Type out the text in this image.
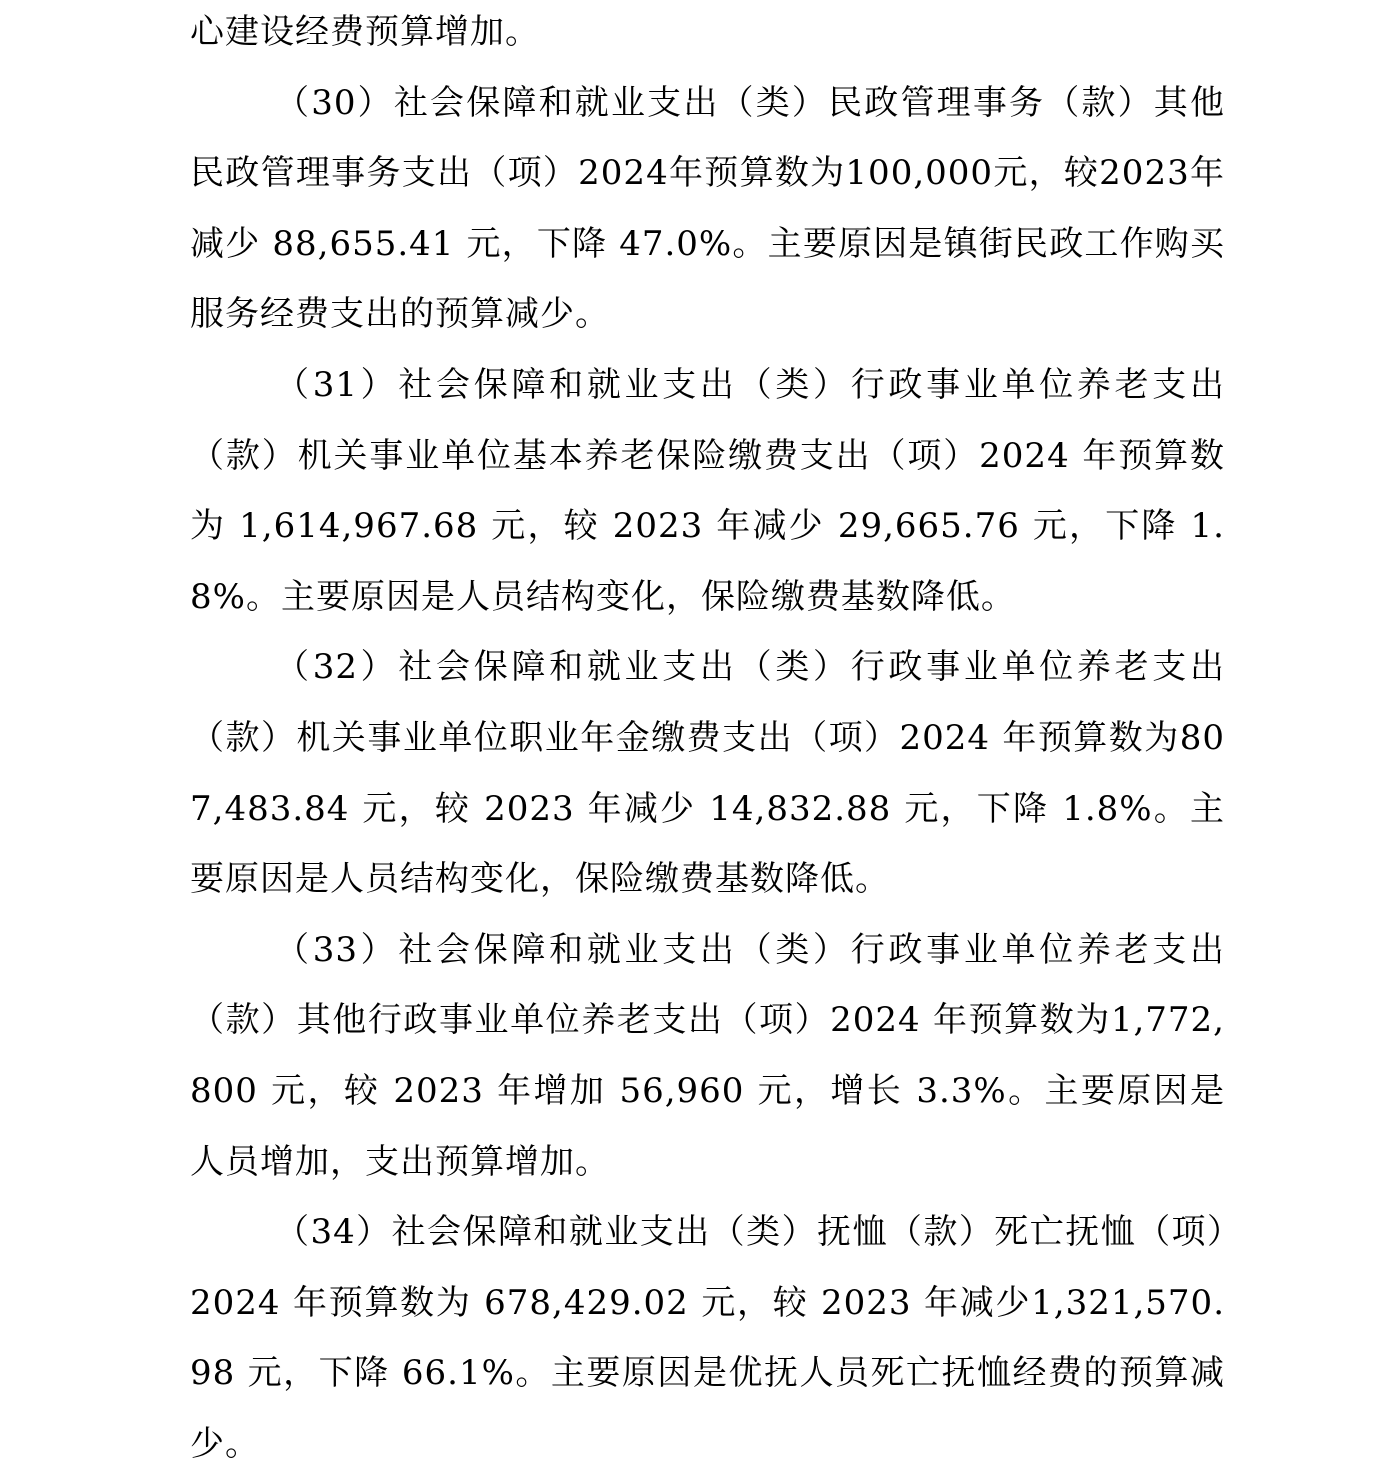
心建设经费预算增加。

（30）社会保障和就业支出（类）民政管理事务（款）其他民政管理事务支出（项）2024年预算数为100,000元，较2023年减少 88,655.41 元，下降 47.0%。主要原因是镇街民政工作购买服务经费支出的预算减少。

（31）社会保障和就业支出（类）行政事业单位养老支出（款）机关事业单位基本养老保险缴费支出（项）2024 年预算数为 1,614,967.68 元，较 2023 年减少 29,665.76 元，下降 1.8%。主要原因是人员结构变化，保险缴费基数降低。

（32）社会保障和就业支出（类）行政事业单位养老支出（款）机关事业单位职业年金缴费支出（项）2024 年预算数为807,483.84 元，较 2023 年减少 14,832.88 元，下降 1.8%。主要原因是人员结构变化，保险缴费基数降低。

（33）社会保障和就业支出（类）行政事业单位养老支出（款）其他行政事业单位养老支出（项）2024 年预算数为1,772,800 元，较 2023 年增加 56,960 元，增长 3.3%。主要原因是人员增加，支出预算增加。

（34）社会保障和就业支出（类）抚恤（款）死亡抚恤（项）2024 年预算数为 678,429.02 元，较 2023 年减少1,321,570.98 元，下降 66.1%。主要原因是优抚人员死亡抚恤经费的预算减少。
